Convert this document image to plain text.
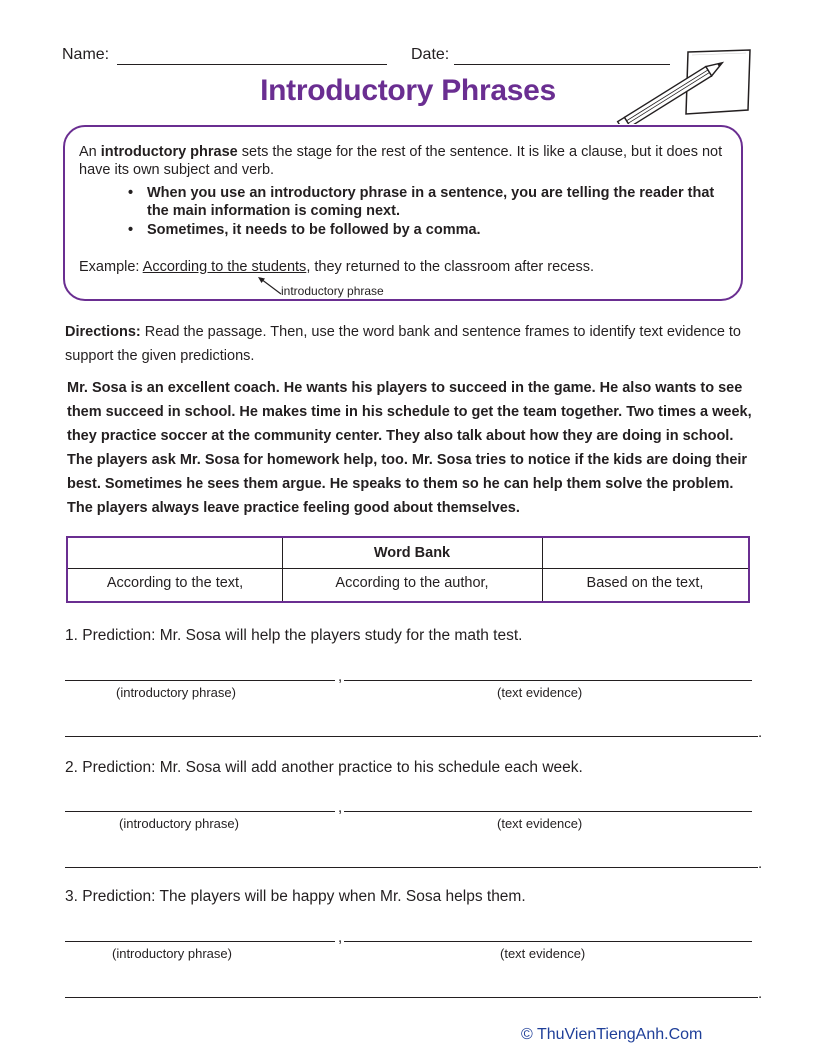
Name:	Date:
Introductory Phrases
An introductory phrase sets the stage for the rest of the sentence. It is like a clause, but it does not
have its own subject and verb.
• When you use an introductory phrase in a sentence, you are telling the reader that
the main information is coming next.
• Sometimes, it needs to be followed by a comma.
Example: According to the students, they returned to the classroom after recess.
introductory phrase
Directions: Read the passage. Then, use the word bank and sentence frames to identify text evidence to support the given predictions.
Mr. Sosa is an excellent coach. He wants his players to succeed in the game. He also wants to see them succeed in school. He makes time in his schedule to get the team together. Two times a week, they practice soccer at the community center. They also talk about how they are doing in school. The players ask Mr. Sosa for homework help, too. Mr. Sosa tries to notice if the kids are doing their best. Sometimes he sees them argue. He speaks to them so he can help them solve the problem. The players always leave practice feeling good about themselves.
Word Bank
According to the text,	According to the author,	Based on the text,
1. Prediction: Mr. Sosa will help the players study for the math test.
,
(introductory phrase)	(text evidence)
.
2. Prediction: Mr. Sosa will add another practice to his schedule each week.
,
(introductory phrase)	(text evidence)
.
3. Prediction: The players will be happy when Mr. Sosa helps them.
,
(introductory phrase)	(text evidence)
.
© ThuVienTiengAnh.Com
